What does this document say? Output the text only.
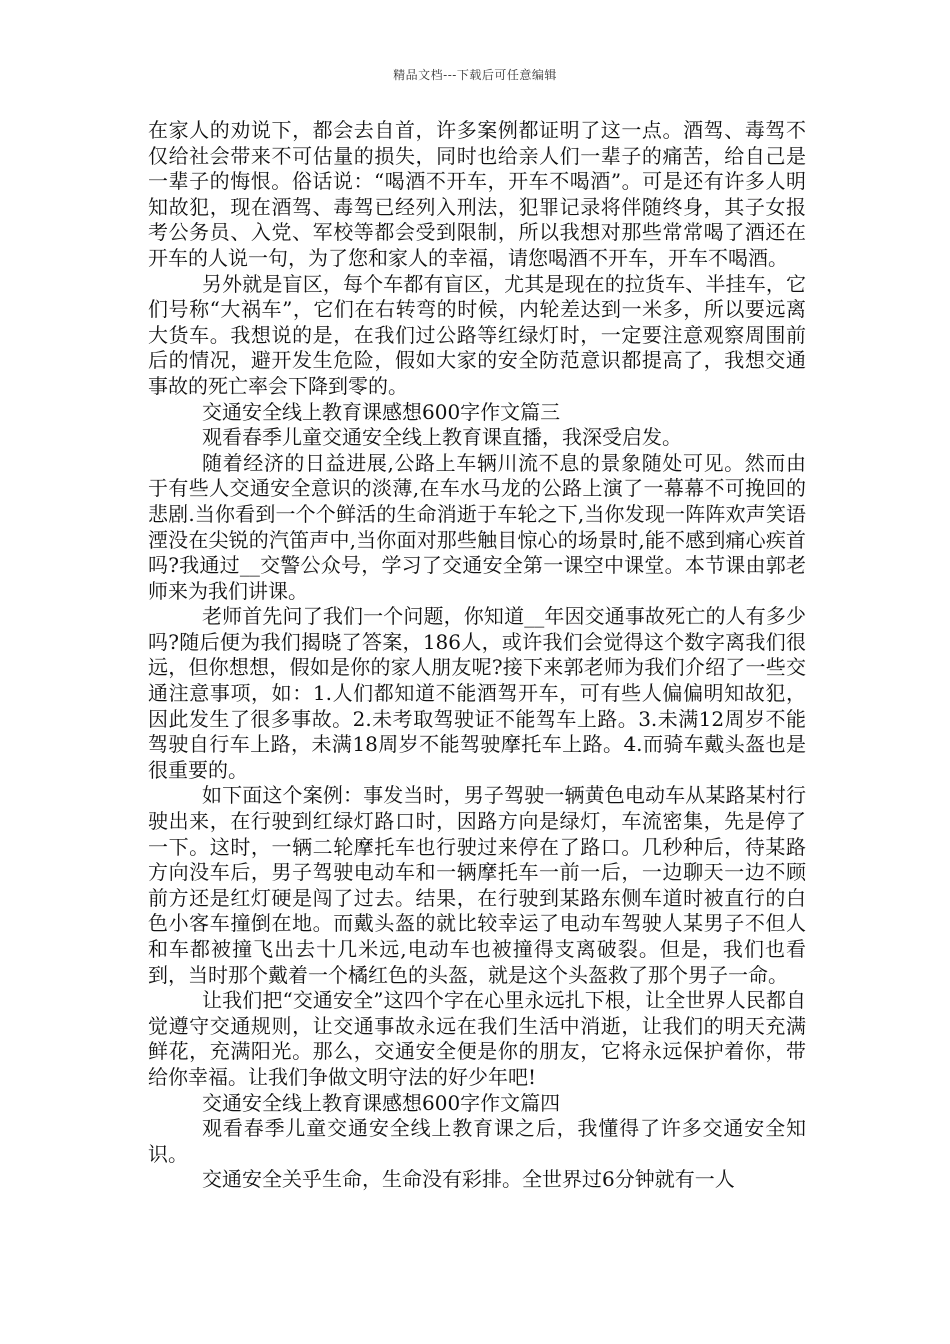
精品文档---下载后可任意编辑

在家人的劝说下，都会去自首，许多案例都证明了这一点。酒驾、毒驾不仅给社会带来不可估量的损失，同时也给亲人们一辈子的痛苦，给自己是一辈子的悔恨。俗话说：“喝酒不开车，开车不喝酒”。可是还有许多人明知故犯，现在酒驾、毒驾已经列入刑法，犯罪记录将伴随终身，其子女报考公务员、入党、军校等都会受到限制，所以我想对那些常常喝了酒还在开车的人说一句，为了您和家人的幸福，请您喝酒不开车，开车不喝酒。

另外就是盲区，每个车都有盲区，尤其是现在的拉货车、半挂车，它们号称“大祸车”，它们在右转弯的时候，内轮差达到一米多，所以要远离大货车。我想说的是，在我们过公路等红绿灯时，一定要注意观察周围前后的情况，避开发生危险，假如大家的安全防范意识都提高了，我想交通事故的死亡率会下降到零的。

交通安全线上教育课感想600字作文篇三

观看春季儿童交通安全线上教育课直播，我深受启发。

随着经济的日益进展,公路上车辆川流不息的景象随处可见。然而由于有些人交通安全意识的淡薄,在车水马龙的公路上演了一幕幕不可挽回的悲剧.当你看到一个个鲜活的生命消逝于车轮之下,当你发现一阵阵欢声笑语湮没在尖锐的汽笛声中,当你面对那些触目惊心的场景时,能不感到痛心疾首吗?我通过__交警公众号，学习了交通安全第一课空中课堂。本节课由郭老师来为我们讲课。

老师首先问了我们一个问题，你知道__年因交通事故死亡的人有多少吗?随后便为我们揭晓了答案，186人，或许我们会觉得这个数字离我们很远，但你想想，假如是你的家人朋友呢?接下来郭老师为我们介绍了一些交通注意事项，如：1.人们都知道不能酒驾开车，可有些人偏偏明知故犯，因此发生了很多事故。2.未考取驾驶证不能驾车上路。3.未满12周岁不能驾驶自行车上路，未满18周岁不能驾驶摩托车上路。4.而骑车戴头盔也是很重要的。

如下面这个案例：事发当时，男子驾驶一辆黄色电动车从某路某村行驶出来，在行驶到红绿灯路口时，因路方向是绿灯，车流密集，先是停了一下。这时，一辆二轮摩托车也行驶过来停在了路口。几秒种后，待某路方向没车后，男子驾驶电动车和一辆摩托车一前一后，一边聊天一边不顾前方还是红灯硬是闯了过去。结果，在行驶到某路东侧车道时被直行的白色小客车撞倒在地。而戴头盔的就比较幸运了电动车驾驶人某男子不但人和车都被撞飞出去十几米远,电动车也被撞得支离破裂。但是，我们也看到，当时那个戴着一个橘红色的头盔，就是这个头盔救了那个男子一命。

让我们把“交通安全”这四个字在心里永远扎下根，让全世界人民都自觉遵守交通规则，让交通事故永远在我们生活中消逝，让我们的明天充满鲜花，充满阳光。那么，交通安全便是你的朋友，它将永远保护着你，带给你幸福。让我们争做文明守法的好少年吧!

交通安全线上教育课感想600字作文篇四

观看春季儿童交通安全线上教育课之后，我懂得了许多交通安全知识。

交通安全关乎生命，生命没有彩排。全世界过6分钟就有一人
